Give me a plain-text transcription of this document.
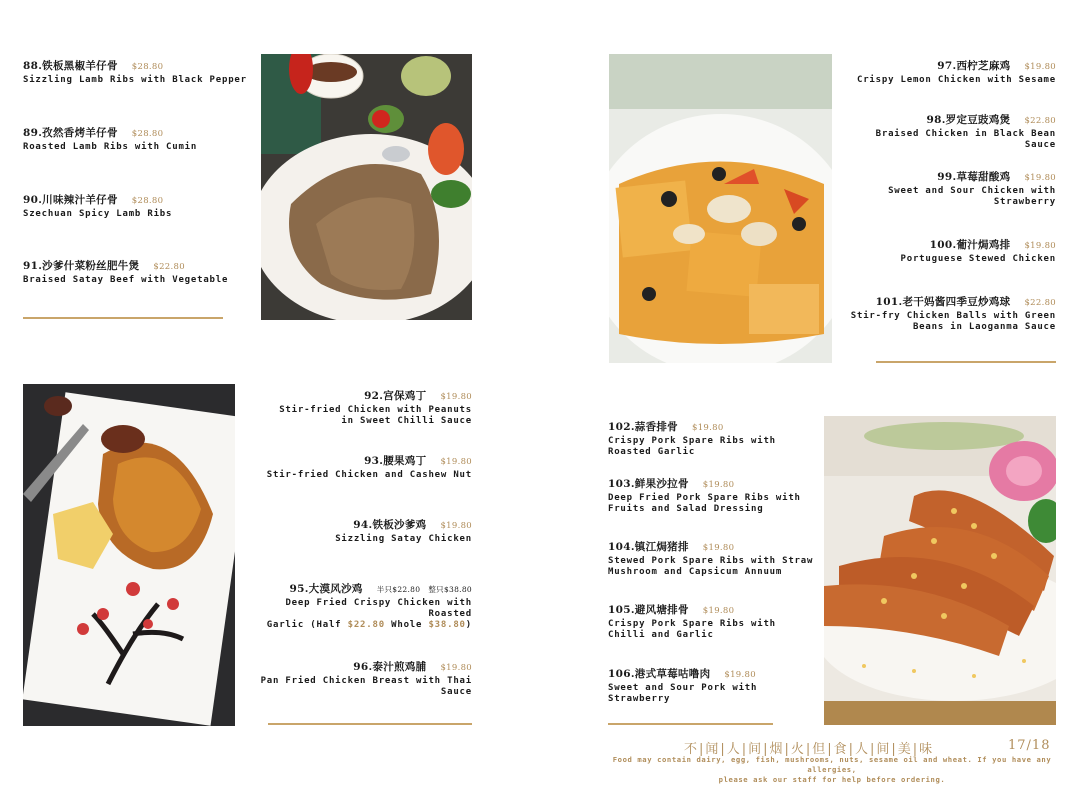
88.铁板黑椒羊仔骨 $28.80
Sizzling Lamb Ribs with Black Pepper
89.孜然香烤羊仔骨 $28.80
Roasted Lamb Ribs with Cumin
90.川味辣汁羊仔骨 $28.80
Szechuan Spicy Lamb Ribs
91.沙爹什菜粉丝肥牛煲 $22.80
Braised Satay Beef with Vegetable
92.宫保鸡丁 $19.80
Stir-fried Chicken with Peanuts
in Sweet Chilli Sauce
93.腰果鸡丁 $19.80
Stir-fried Chicken and Cashew Nut
94.铁板沙爹鸡 $19.80
Sizzling Satay Chicken
95.大漠风沙鸡 半只$22.80 整只$38.80
Deep Fried Crispy Chicken with Roasted
Garlic (Half $22.80 Whole $38.80)
96.泰汁煎鸡脯 $19.80
Pan Fried Chicken Breast with Thai Sauce
97.西柠芝麻鸡 $19.80
Crispy Lemon Chicken with Sesame
98.罗定豆豉鸡煲 $22.80
Braised Chicken in Black Bean Sauce
99.草莓甜酸鸡 $19.80
Sweet and Sour Chicken with
Strawberry
100.葡汁焗鸡排 $19.80
Portuguese Stewed Chicken
101.老干妈酱四季豆炒鸡球 $22.80
Stir-fry Chicken Balls with Green
Beans in Laoganma Sauce
102.蒜香排骨 $19.80
Crispy Pork Spare Ribs with
Roasted Garlic
103.鲜果沙拉骨 $19.80
Deep Fried Pork Spare Ribs with
Fruits and Salad Dressing
104.镇江焗猪排 $19.80
Stewed Pork Spare Ribs with Straw
Mushroom and Capsicum Annuum
105.避风塘排骨 $19.80
Crispy Pork Spare Ribs with
Chilli and Garlic
106.港式草莓咕噜肉 $19.80
Sweet and Sour Pork with
Strawberry
不|闻|人|间|烟|火|但|食|人|间|美|味	17/18
Food may contain dairy, egg, fish, mushrooms, nuts, sesame oil and wheat. If you have any allergies,
please ask our staff for help before ordering.
